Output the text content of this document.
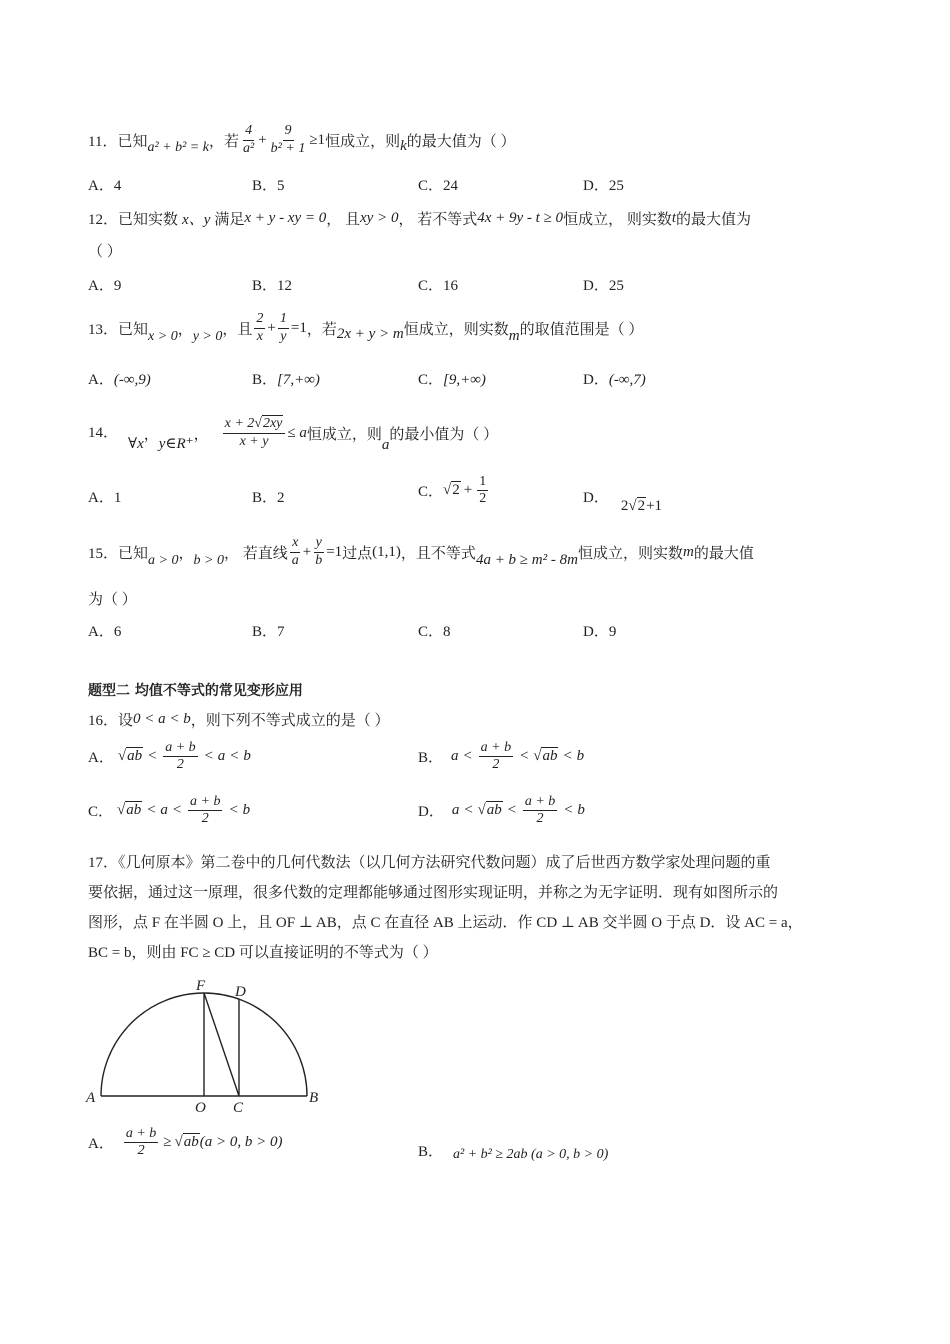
11． 已知 a² + b² = k ，若 $\frac{4}{\text{a²}} + \frac{9}{\text{b² + 1}} \ge 1$ 恒成立，则 k 的最大值为（ ）
A．4	B．5	C．24	D．25
12． 已知实数 x、y 满足 x + y - xy = 0 ， 且 xy > 0 ， 若不等式 4x + 9y - t ≥ 0 恒成立， 则实数 t 的最大值为
（ ）
A．9	B．12	C．16	D．25
13． 已知 x > 0 ， y > 0 ，且 $\frac{2}{x} + \frac{1}{y} =1$ ，若 2x + y > m 恒成立，则实数 m 的取值范围是（ ）
A．(-∞,9)	B．[7,+∞)	C．[9,+∞)	D．(-∞,7)
14．
∀x
，
y∈R⁺
， $\frac{x + 2√2xy}{x + y} \le a$ 恒成立，则
a
的最小值为（ ）
A．1	B．2	C． $√2 + \frac{1}{2}$	D． 2√2+1
15． 已知 a > 0 ， b > 0 ， 若直线 $\frac{x}{a} + \frac{y}{b} =1$ 过点 (1,1) ，且不等式 4a + b ≥ m² - 8m 恒成立，则实数 m 的最大值
为（ ）
A．6	B．7	C．8	D．9
题型二 均值不等式的常见变形应用
16． 设 0 < a < b ，则下列不等式成立的是（ ）
A． $√ab < \frac{a + b}{2} < a < b$	B． $a < \frac{a + b}{2} < √ab < b$
C． $√ab < a < \frac{a + b}{2} < b$	D． $a < √ab < \frac{a + b}{2} < b$
17．《几何原本》第二卷中的几何代数法（以几何方法研究代数问题）成了后世西方数学家处理问题的重
要依据，通过这一原理，很多代数的定理都能够通过图形实现证明，并称之为无字证明．现有如图所示的
图形，点 F 在半圆 O 上，且 OF ⊥ AB，点 C 在直径 AB 上运动．作 CD ⊥ AB 交半圆 O 于点 D．设 AC = a，
BC = b，则由 FC ≥ CD 可以直接证明的不等式为（ ）
F D
A
O C
B
A． $\frac{a + b}{2} \ge √ab$ (a > 0, b > 0)
B． a² + b² ≥ 2ab (a > 0, b > 0)
